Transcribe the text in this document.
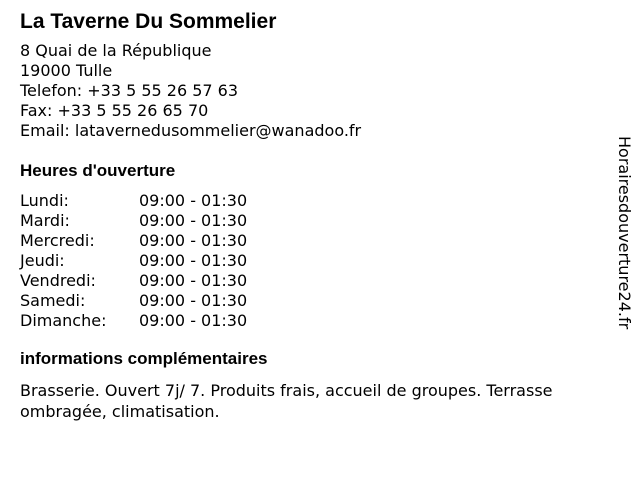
La Taverne Du Sommelier
8 Quai de la République
19000 Tulle
Telefon: +33 5 55 26 57 63
Fax: +33 5 55 26 65 70
Email: latavernedusommelier@wanadoo.fr
Heures d'ouverture
Lundi:	09:00 - 01:30
Mardi:	09:00 - 01:30
Mercredi:	09:00 - 01:30
Jeudi:	09:00 - 01:30
Vendredi:	09:00 - 01:30
Samedi:	09:00 - 01:30
Dimanche:	09:00 - 01:30
informations complémentaires
Brasserie. Ouvert 7j/ 7. Produits frais, accueil de groupes. Terrasse ombragée, climatisation.
Horairesdouverture24.fr
